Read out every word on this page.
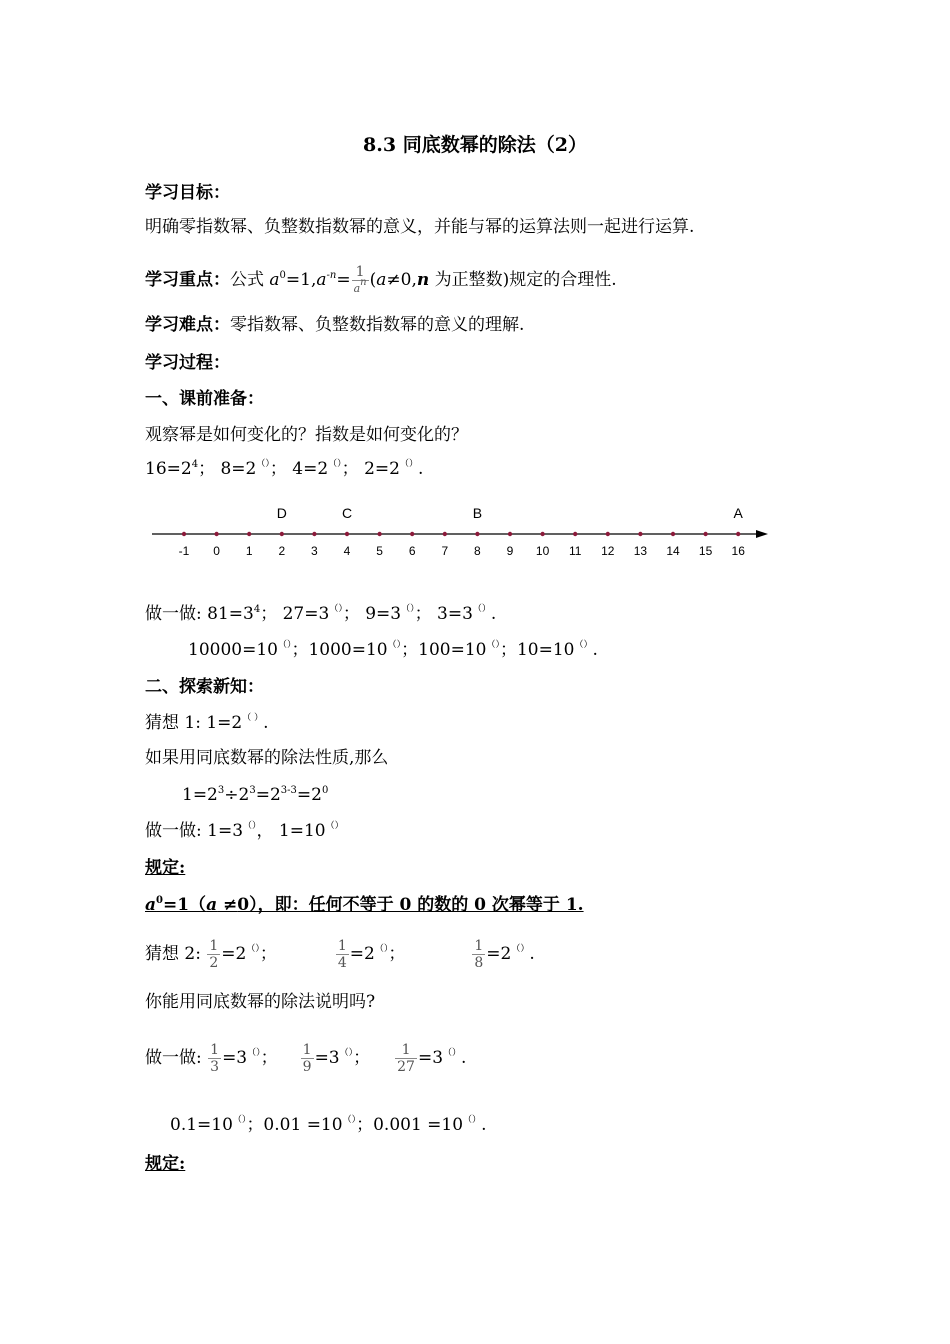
8.3 同底数幂的除法（2）
学习目标：
明确零指数幂、负整数指数幂的意义，并能与幂的运算法则一起进行运算.
学习重点：公式 $a^0=1,a^{-n}= \frac{1}{a^n} (a\ne 0,n$ 为正整数)规定的合理性.
学习难点：零指数幂、负整数指数幂的意义的理解.
学习过程：
一、课前准备：
观察幂是如何变化的？指数是如何变化的？
$16=2^4$； 8=2（）； 4=2（）； 2=2（）.
-1 0 1 2 3 4 5 6 7 8 9 10 11 12 13 14 15 16
D	C	B	A
做一做: $81=3^4$； 27=3（）； 9=3（）； 3=3（）.
10000=10（）；1000=10（）；100=10（）；10=10（）.
二、探索新知：
猜想 1: 1=2（ ）.
如果用同底数幂的除法性质,那么
$1=2^3\div 2^3=2^{3-3}=2^0$
做一做: 1=3（）， 1=10（）
规定:
$a^0=1(a \ne 0)$，即：任何不等于 0 的数的 0 次幂等于 1.
猜想 2: $\frac{1}{2} =2^{()}$；	$\frac{1}{4} =2^{()}$；	$\frac{1}{8} =2^{()}$.
你能用同底数幂的除法说明吗?
做一做: $\frac{1}{3} =3^{()}$； $\frac{1}{9} =3^{()}$； $\frac{1}{27} =3^{()}$.
0.1=10（）；0.01 =10（）；0.001 =10（）.
规定:
